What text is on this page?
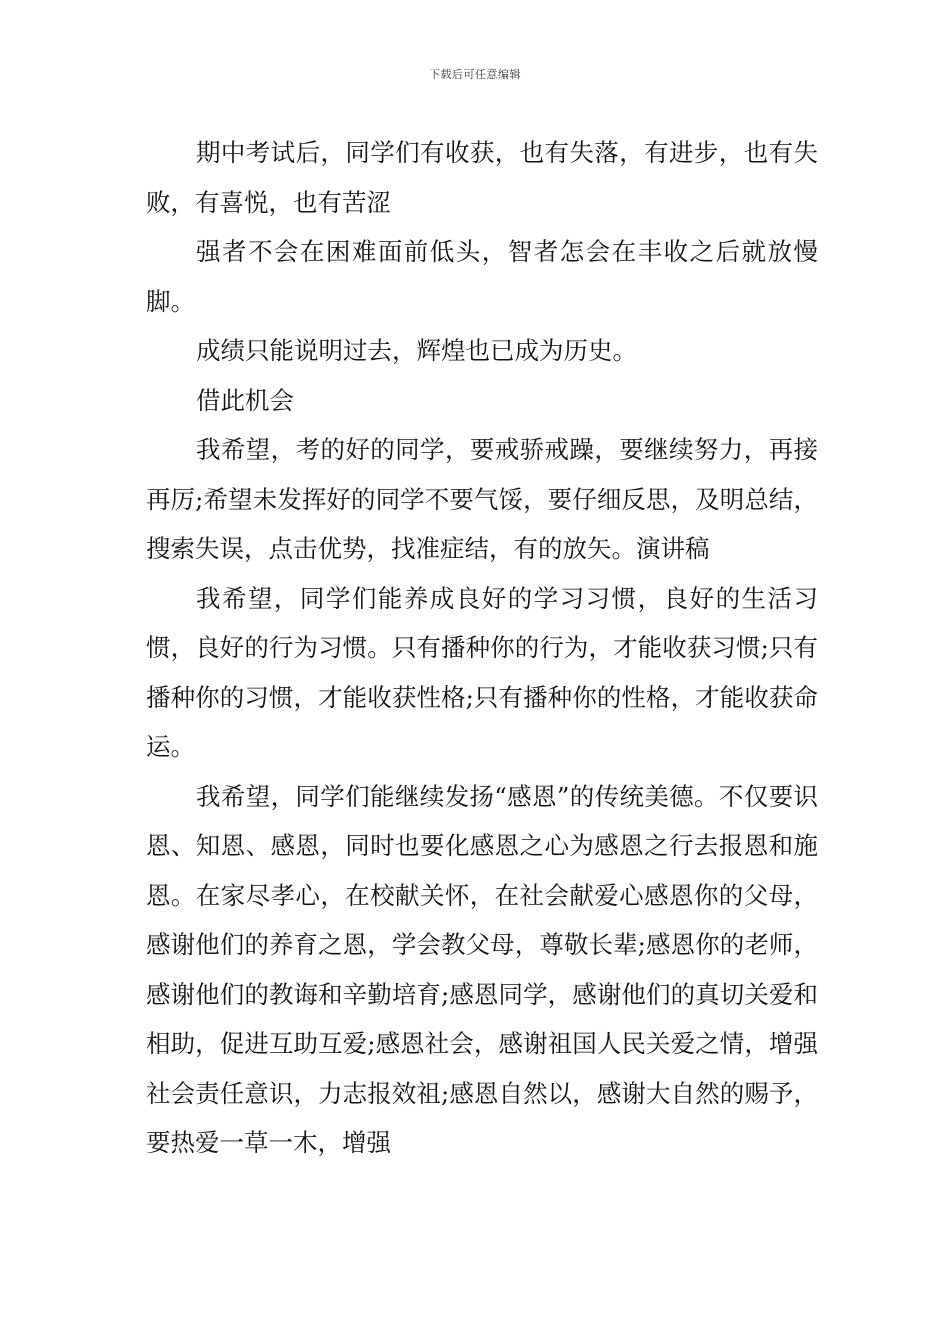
下载后可任意编辑

期中考试后，同学们有收获，也有失落，有进步，也有失败，有喜悦，也有苦涩

强者不会在困难面前低头，智者怎会在丰收之后就放慢脚。

成绩只能说明过去，辉煌也已成为历史。

借此机会

我希望，考的好的同学，要戒骄戒躁，要继续努力，再接再厉;希望未发挥好的同学不要气馁，要仔细反思，及明总结，搜索失误，点击优势，找准症结，有的放矢。演讲稿

我希望，同学们能养成良好的学习习惯，良好的生活习惯，良好的行为习惯。只有播种你的行为，才能收获习惯;只有播种你的习惯，才能收获性格;只有播种你的性格，才能收获命运。

我希望，同学们能继续发扬“感恩”的传统美德。不仅要识恩、知恩、感恩，同时也要化感恩之心为感恩之行去报恩和施恩。在家尽孝心，在校献关怀，在社会献爱心感恩你的父母，感谢他们的养育之恩，学会教父母，尊敬长辈;感恩你的老师，感谢他们的教诲和辛勤培育;感恩同学，感谢他们的真切关爱和相助，促进互助互爱;感恩社会，感谢祖国人民关爱之情，增强社会责任意识，力志报效祖;感恩自然以，感谢大自然的赐予，要热爱一草一木，增强
